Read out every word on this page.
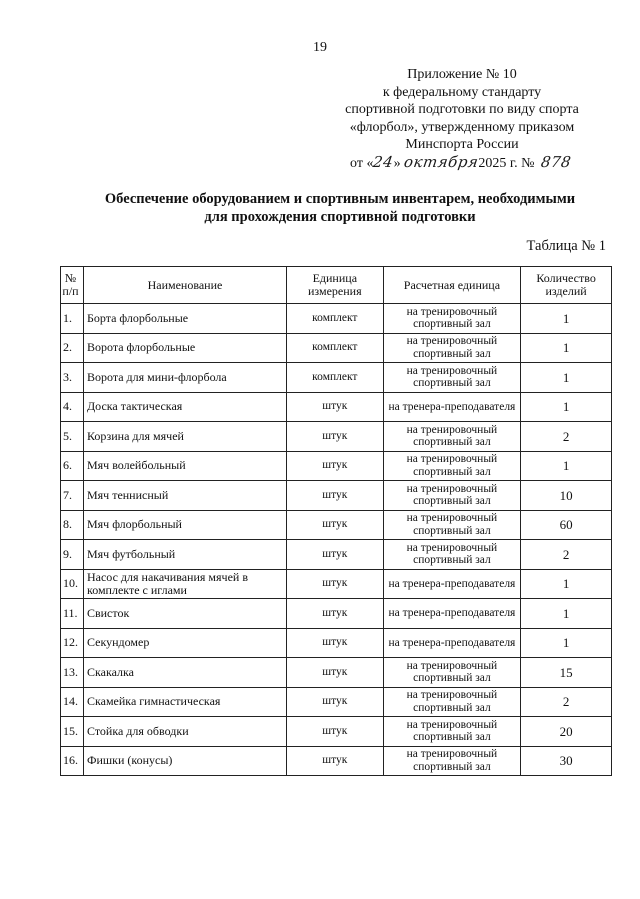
19
Приложение № 10
к федеральному стандарту
спортивной подготовки по виду спорта
«флорбол», утвержденному приказом
Минспорта России
от «24» октября2025 г. № 878
Обеспечение оборудованием и спортивным инвентарем, необходимыми
для прохождения спортивной подготовки
Таблица № 1
№ п/п	Наименование	Единица измерения	Расчетная единица	Количество изделий
1.	Борта флорбольные	комплект	на тренировочный спортивный зал	1
2.	Ворота флорбольные	комплект	на тренировочный спортивный зал	1
3.	Ворота для мини-флорбола	комплект	на тренировочный спортивный зал	1
4.	Доска тактическая	штук	на тренера-преподавателя	1
5.	Корзина для мячей	штук	на тренировочный спортивный зал	2
6.	Мяч волейбольный	штук	на тренировочный спортивный зал	1
7.	Мяч теннисный	штук	на тренировочный спортивный зал	10
8.	Мяч флорбольный	штук	на тренировочный спортивный зал	60
9.	Мяч футбольный	штук	на тренировочный спортивный зал	2
10.	Насос для накачивания мячей в комплекте с иглами	штук	на тренера-преподавателя	1
11.	Свисток	штук	на тренера-преподавателя	1
12.	Секундомер	штук	на тренера-преподавателя	1
13.	Скакалка	штук	на тренировочный спортивный зал	15
14.	Скамейка гимнастическая	штук	на тренировочный спортивный зал	2
15.	Стойка для обводки	штук	на тренировочный спортивный зал	20
16.	Фишки (конусы)	штук	на тренировочный спортивный зал	30
